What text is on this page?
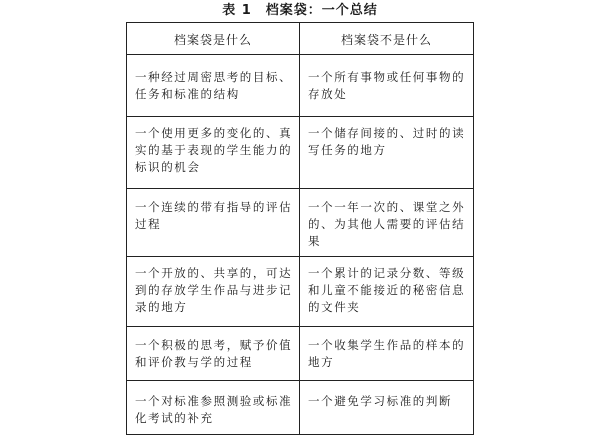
表 1　档案袋：一个总结
档案袋是什么	档案袋不是什么
一种经过周密思考的目标、任务和标准的结构	一个所有事物或任何事物的存放处
一个使用更多的变化的、真实的基于表现的学生能力的标识的机会	一个储存间接的、过时的读写任务的地方
一个连续的带有指导的评估过程	一个一年一次的、课堂之外的、为其他人需要的评估结果
一个开放的、共享的，可达到的存放学生作品与进步记录的地方	一个累计的记录分数、等级和儿童不能接近的秘密信息的文件夹
一个积极的思考，赋予价值和评价教与学的过程	一个收集学生作品的样本的地方
一个对标准参照测验或标准化考试的补充	一个避免学习标准的判断
